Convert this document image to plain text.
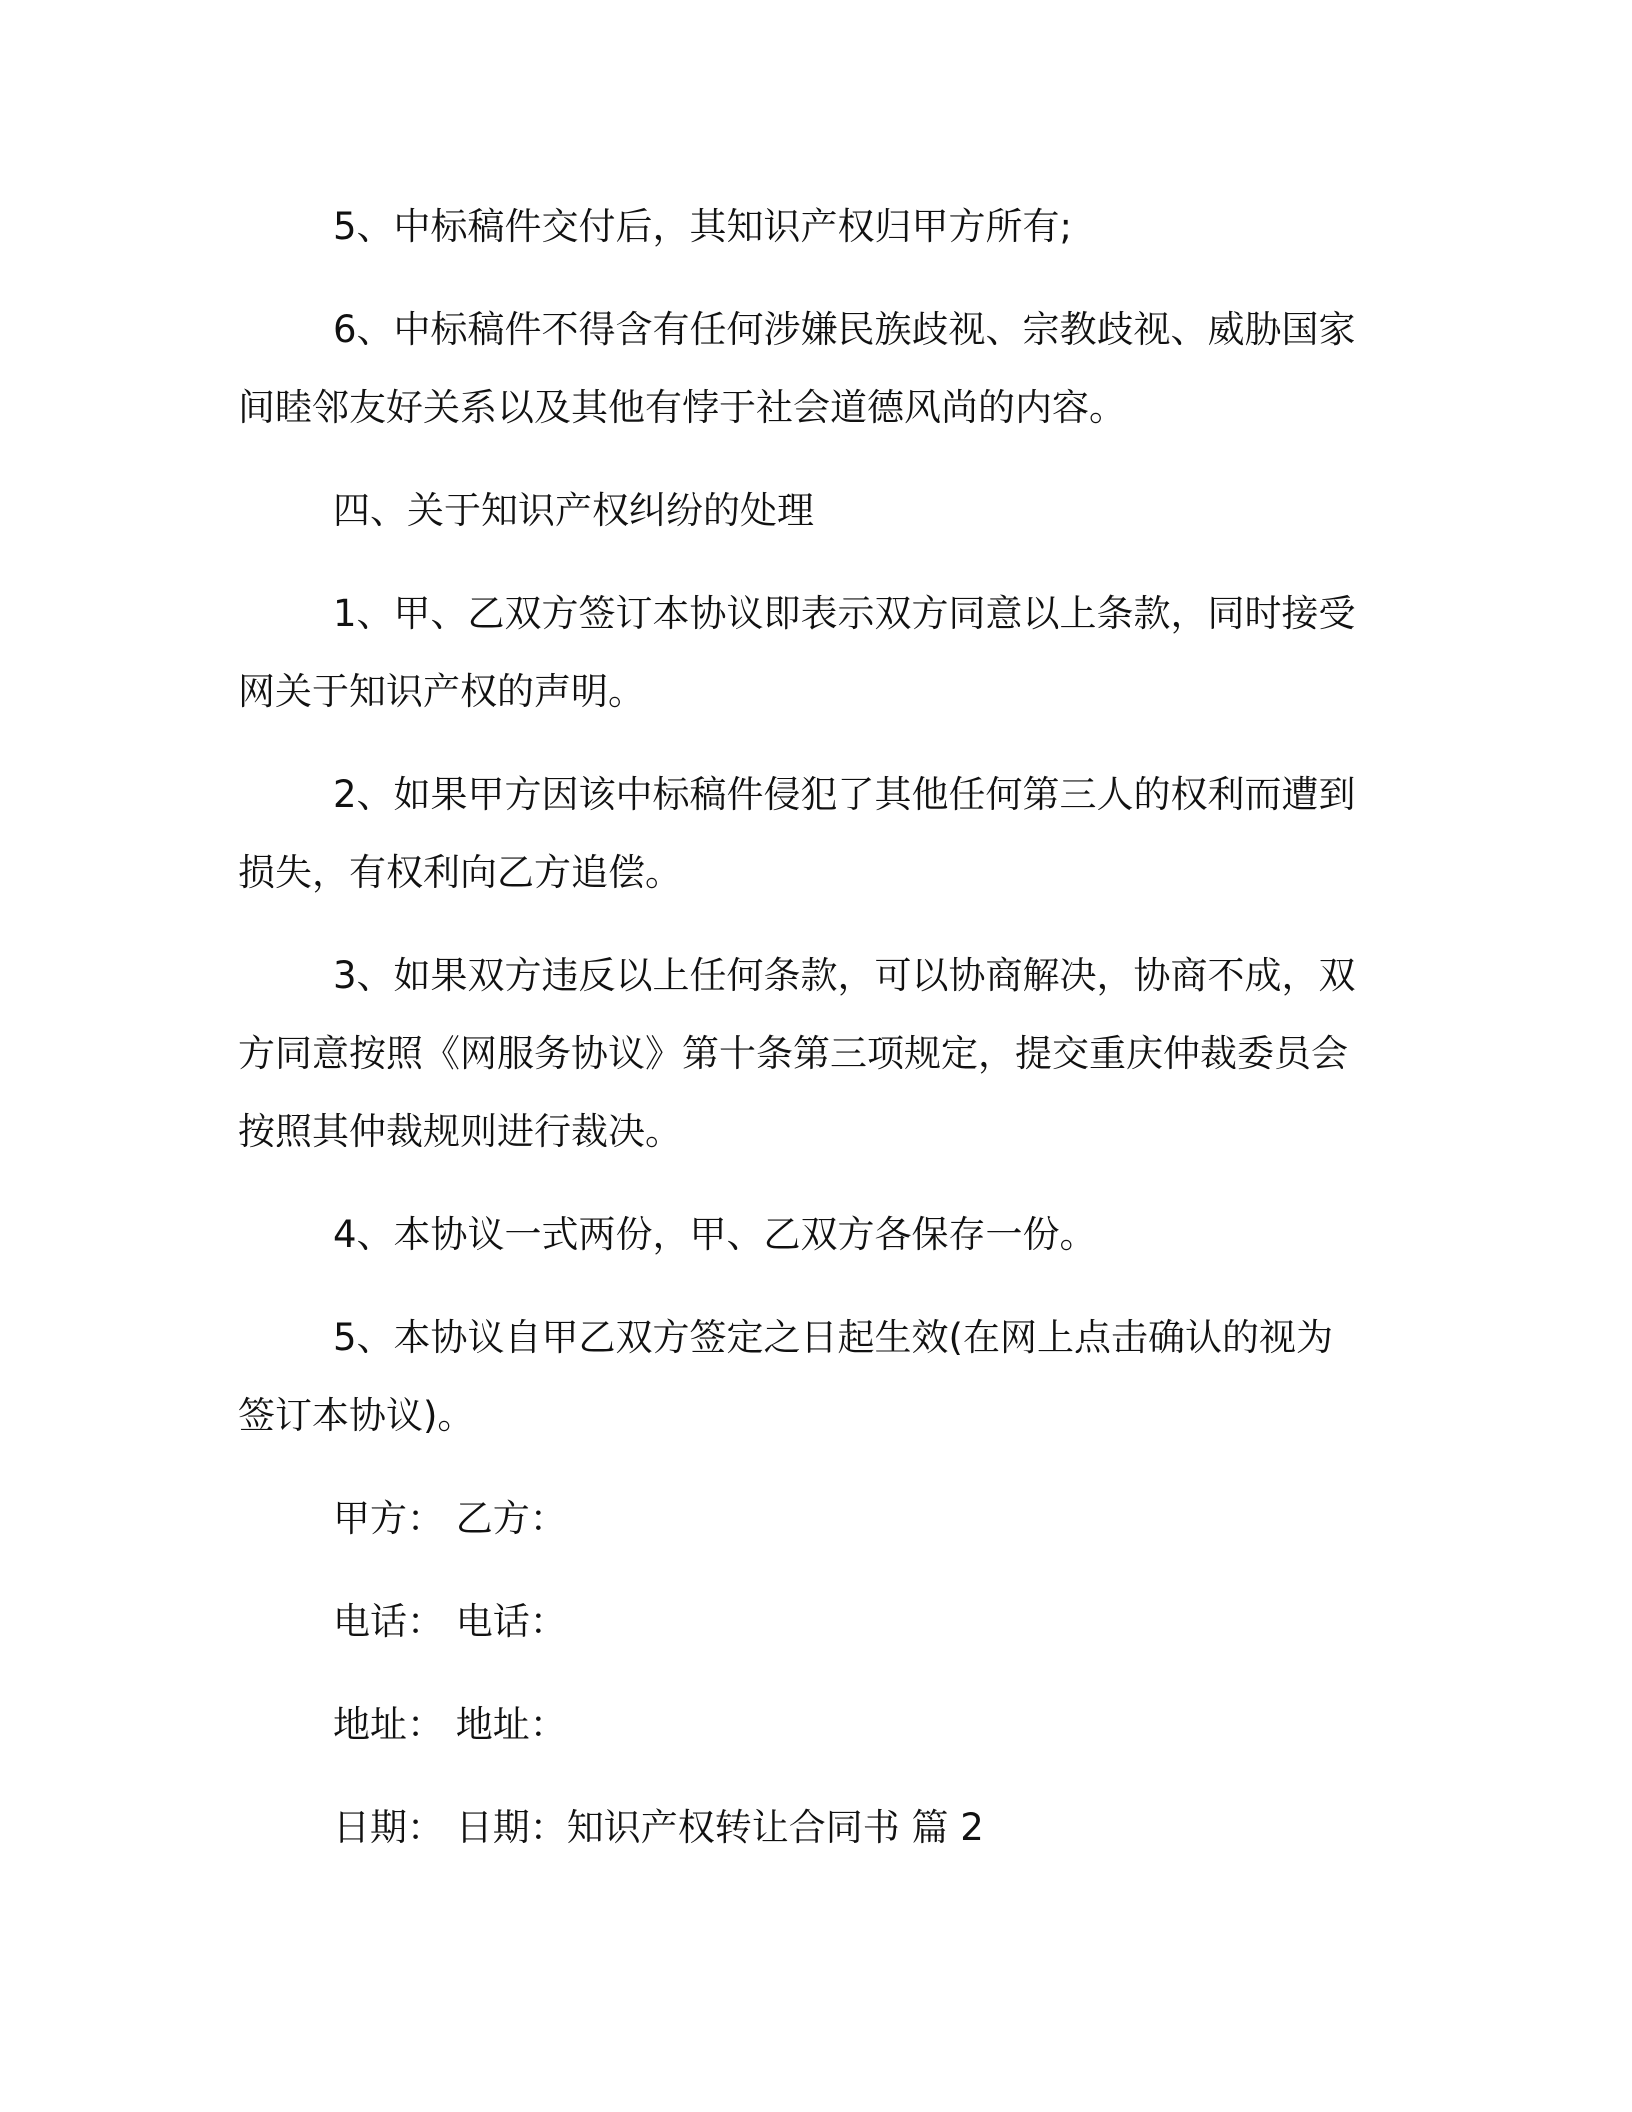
5、中标稿件交付后，其知识产权归甲方所有;

6、中标稿件不得含有任何涉嫌民族歧视、宗教歧视、威胁国家间睦邻友好关系以及其他有悖于社会道德风尚的内容。

四、关于知识产权纠纷的处理

1、甲、乙双方签订本协议即表示双方同意以上条款，同时接受网关于知识产权的声明。

2、如果甲方因该中标稿件侵犯了其他任何第三人的权利而遭到损失，有权利向乙方追偿。

3、如果双方违反以上任何条款，可以协商解决，协商不成，双方同意按照《网服务协议》第十条第三项规定，提交重庆仲裁委员会按照其仲裁规则进行裁决。

4、本协议一式两份，甲、乙双方各保存一份。

5、本协议自甲乙双方签定之日起生效(在网上点击确认的视为签订本协议)。

甲方： 乙方：

电话： 电话：

地址： 地址：

日期： 日期：知识产权转让合同书 篇 2
